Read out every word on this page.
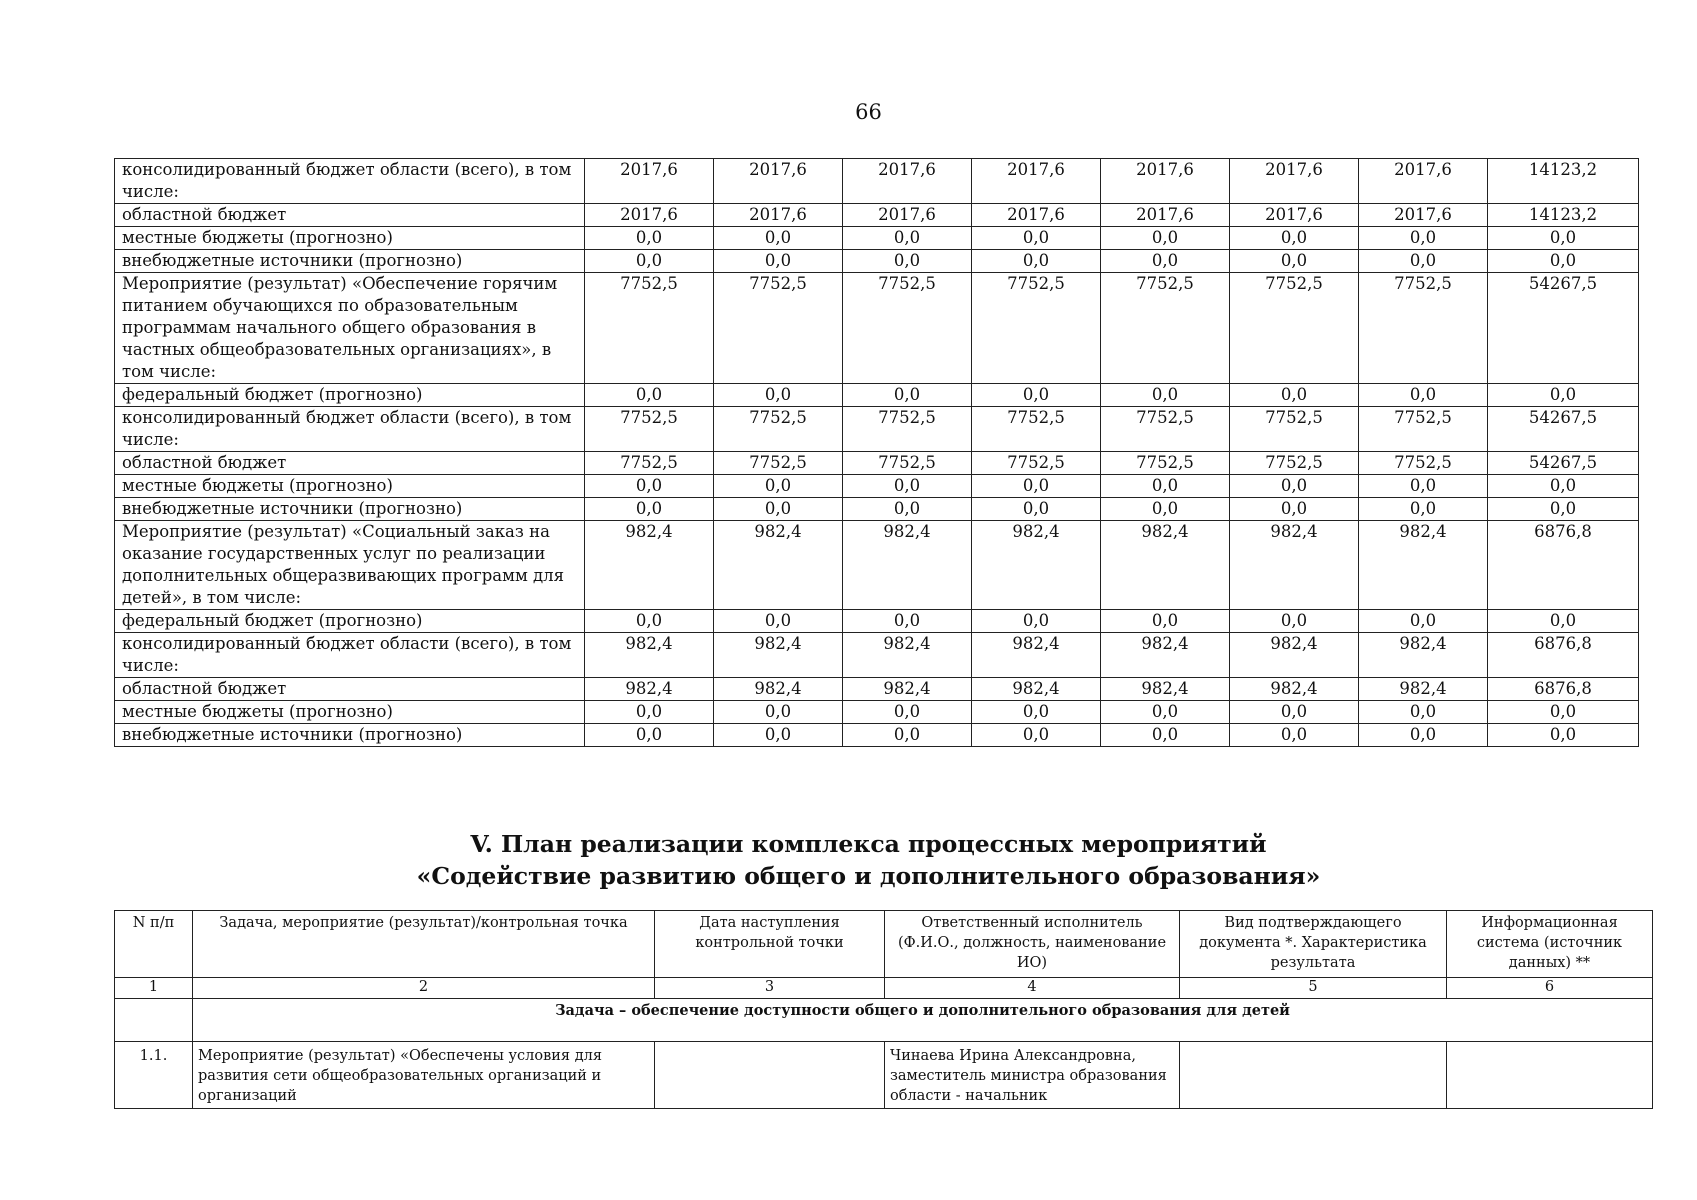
66
консолидированный бюджет области (всего), в том числе:	2017,6	2017,6	2017,6	2017,6	2017,6	2017,6	2017,6	14123,2
областной бюджет	2017,6	2017,6	2017,6	2017,6	2017,6	2017,6	2017,6	14123,2
местные бюджеты (прогнозно)	0,0	0,0	0,0	0,0	0,0	0,0	0,0	0,0
внебюджетные источники (прогнозно)	0,0	0,0	0,0	0,0	0,0	0,0	0,0	0,0
Мероприятие (результат) «Обеспечение горячим питанием обучающихся по образовательным программам начального общего образования в частных общеобразовательных организациях», в том числе:	7752,5	7752,5	7752,5	7752,5	7752,5	7752,5	7752,5	54267,5
федеральный бюджет (прогнозно)	0,0	0,0	0,0	0,0	0,0	0,0	0,0	0,0
консолидированный бюджет области (всего), в том числе:	7752,5	7752,5	7752,5	7752,5	7752,5	7752,5	7752,5	54267,5
областной бюджет	7752,5	7752,5	7752,5	7752,5	7752,5	7752,5	7752,5	54267,5
местные бюджеты (прогнозно)	0,0	0,0	0,0	0,0	0,0	0,0	0,0	0,0
внебюджетные источники (прогнозно)	0,0	0,0	0,0	0,0	0,0	0,0	0,0	0,0
Мероприятие (результат) «Социальный заказ на оказание государственных услуг по реализации дополнительных общеразвивающих программ для детей», в том числе:	982,4	982,4	982,4	982,4	982,4	982,4	982,4	6876,8
федеральный бюджет (прогнозно)	0,0	0,0	0,0	0,0	0,0	0,0	0,0	0,0
консолидированный бюджет области (всего), в том числе:	982,4	982,4	982,4	982,4	982,4	982,4	982,4	6876,8
областной бюджет	982,4	982,4	982,4	982,4	982,4	982,4	982,4	6876,8
местные бюджеты (прогнозно)	0,0	0,0	0,0	0,0	0,0	0,0	0,0	0,0
внебюджетные источники (прогнозно)	0,0	0,0	0,0	0,0	0,0	0,0	0,0	0,0
V. План реализации комплекса процессных мероприятий
«Содействие развитию общего и дополнительного образования»
N п/п	Задача, мероприятие (результат)/контрольная точка	Дата наступления контрольной точки	Ответственный исполнитель (Ф.И.О., должность, наименование ИО)	Вид подтверждающего документа *. Характеристика результата	Информационная система (источник данных) **
1	2	3	4	5	6
	Задача – обеспечение доступности общего и дополнительного образования для детей				
1.1.	Мероприятие (результат) «Обеспечены условия для развития сети общеобразовательных организаций и организаций		Чинаева Ирина Александровна, заместитель министра образования области - начальник		
